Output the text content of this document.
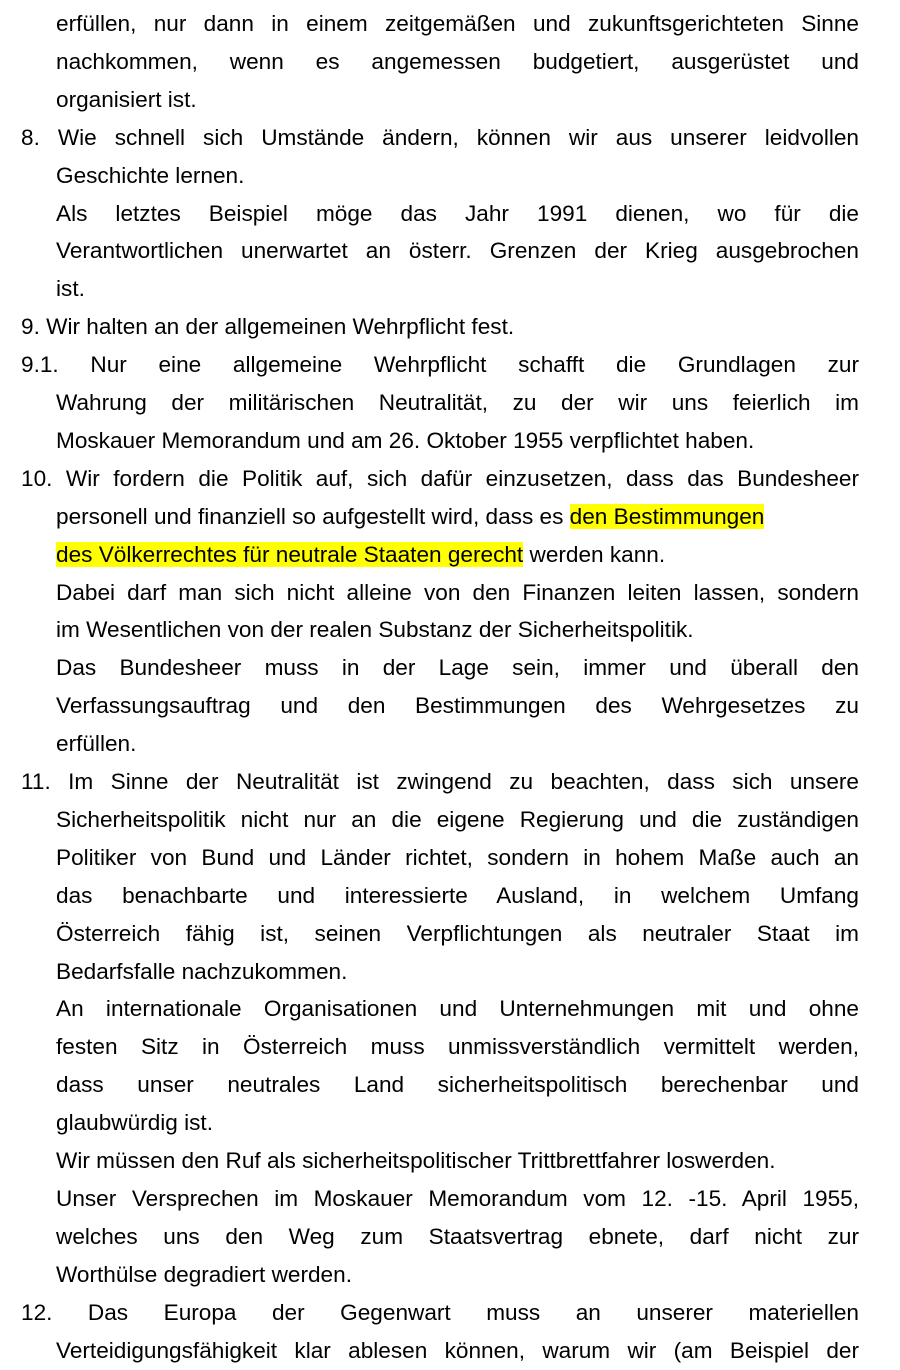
erfüllen, nur dann in einem zeitgemäßen und zukunftsgerichteten Sinne
nachkommen, wenn es angemessen budgetiert, ausgerüstet und
organisiert ist.
8. Wie schnell sich Umstände ändern, können wir aus unserer leidvollen
Geschichte lernen.
Als letztes Beispiel möge das Jahr 1991 dienen, wo für die
Verantwortlichen unerwartet an österr. Grenzen der Krieg ausgebrochen
ist.
9. Wir halten an der allgemeinen Wehrpflicht fest.
9.1. Nur eine allgemeine Wehrpflicht schafft die Grundlagen zur
Wahrung der militärischen Neutralität, zu der wir uns feierlich im
Moskauer Memorandum und am 26. Oktober 1955 verpflichtet haben.
10. Wir fordern die Politik auf, sich dafür einzusetzen, dass das Bundesheer
personell und finanziell so aufgestellt wird, dass es den Bestimmungen
des Völkerrechtes für neutrale Staaten gerecht werden kann.
Dabei darf man sich nicht alleine von den Finanzen leiten lassen, sondern
im Wesentlichen von der realen Substanz der Sicherheitspolitik.
Das Bundesheer muss in der Lage sein, immer und überall den
Verfassungsauftrag und den Bestimmungen des Wehrgesetzes zu
erfüllen.
11. Im Sinne der Neutralität ist zwingend zu beachten, dass sich unsere
Sicherheitspolitik nicht nur an die eigene Regierung und die zuständigen
Politiker von Bund und Länder richtet, sondern in hohem Maße auch an
das benachbarte und interessierte Ausland, in welchem Umfang
Österreich fähig ist, seinen Verpflichtungen als neutraler Staat im
Bedarfsfalle nachzukommen.
An internationale Organisationen und Unternehmungen mit und ohne
festen Sitz in Österreich muss unmissverständlich vermittelt werden,
dass unser neutrales Land sicherheitspolitisch berechenbar und
glaubwürdig ist.
Wir müssen den Ruf als sicherheitspolitischer Trittbrettfahrer loswerden.
Unser Versprechen im Moskauer Memorandum vom 12. -15. April 1955,
welches uns den Weg zum Staatsvertrag ebnete, darf nicht zur
Worthülse degradiert werden.
12. Das Europa der Gegenwart muss an unserer materiellen
Verteidigungsfähigkeit klar ablesen können, warum wir (am Beispiel der
